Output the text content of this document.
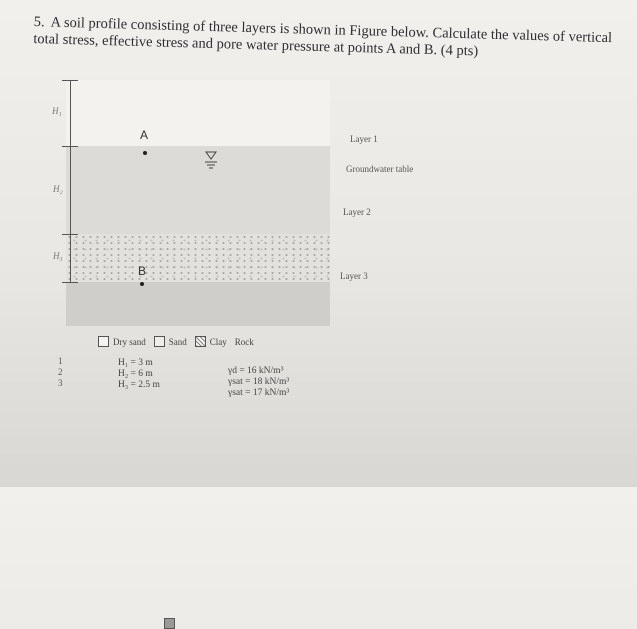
5. A soil profile consisting of three layers is shown in Figure below. Calculate the values of vertical total stress, effective stress and pore water pressure at points A and B. (4 pts)
H₁
H₂
H₃
A
B
Layer 1
Groundwater table
Layer 2
Layer 3
Dry sand	Sand	Clay Rock
1
2
3
H₁ = 3 m
H₂ = 6 m
H₃ = 2.5 m
γd = 16 kN/m³
γsat = 18 kN/m³
γsat = 17 kN/m³
